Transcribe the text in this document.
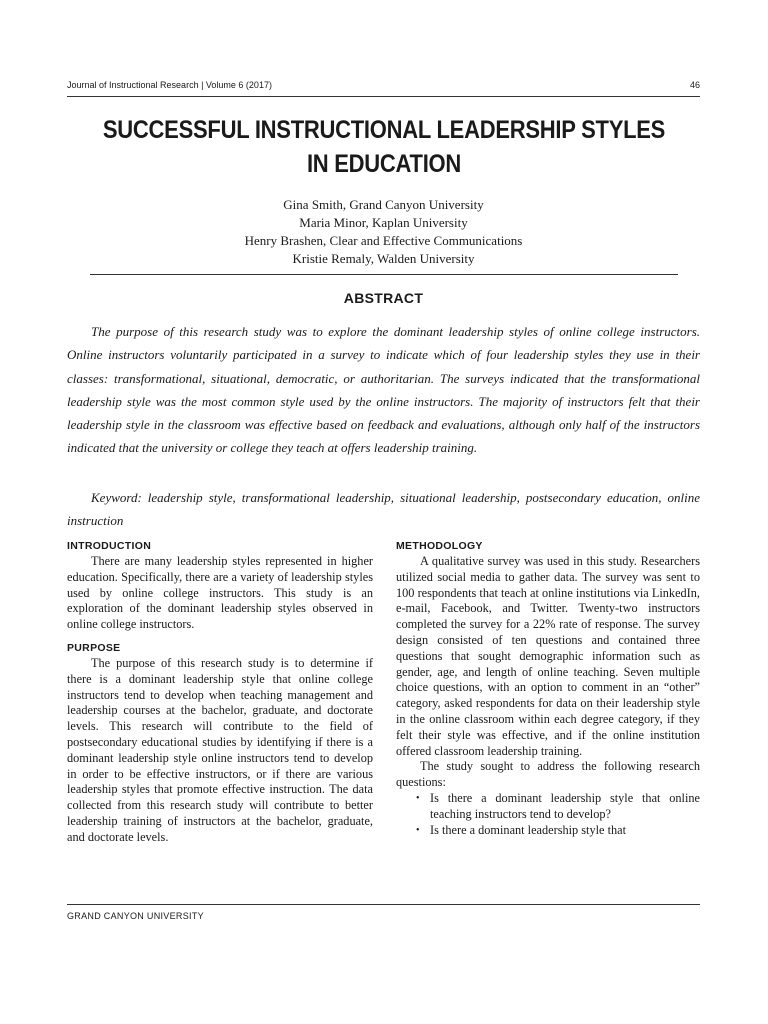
Journal of Instructional Research | Volume 6 (2017)	46
SUCCESSFUL INSTRUCTIONAL LEADERSHIP STYLES
IN EDUCATION
Gina Smith, Grand Canyon University
Maria Minor, Kaplan University
Henry Brashen, Clear and Effective Communications
Kristie Remaly, Walden University
ABSTRACT

The purpose of this research study was to explore the dominant leadership styles of online college instructors. Online instructors voluntarily participated in a survey to indicate which of four leadership styles they use in their classes: transformational, situational, democratic, or authoritarian. The surveys indicated that the transformational leadership style was the most common style used by the online instructors. The majority of instructors felt that their leadership style in the classroom was effective based on feedback and evaluations, although only half of the instructors indicated that the university or college they teach at offers leadership training.

Keyword: leadership style, transformational leadership, situational leadership, postsecondary education, online instruction

INTRODUCTION

There are many leadership styles represented in higher education. Specifically, there are a variety of leadership styles used by online college instructors. This study is an exploration of the dominant leadership styles observed in online college instructors.

PURPOSE

The purpose of this research study is to determine if there is a dominant leadership style that online college instructors tend to develop when teaching management and leadership courses at the bachelor, graduate, and doctorate levels. This research will contribute to the field of postsecondary educational studies by identifying if there is a dominant leadership style online instructors tend to develop in order to be effective instructors, or if there are various leadership styles that promote effective instruction. The data collected from this research study will contribute to better leadership training of instructors at the bachelor, graduate, and doctorate levels.

METHODOLOGY

A qualitative survey was used in this study. Researchers utilized social media to gather data. The survey was sent to 100 respondents that teach at online institutions via LinkedIn, e-mail, Facebook, and Twitter. Twenty-two instructors completed the survey for a 22% rate of response. The survey design consisted of ten questions and contained three questions that sought demographic information such as gender, age, and length of online teaching. Seven multiple choice questions, with an option to comment in an “other” category, asked respondents for data on their leadership style in the online classroom within each degree category, if they felt their style was effective, and if the online institution offered classroom leadership training.

The study sought to address the following research questions:

• Is there a dominant leadership style that online teaching instructors tend to develop?
• Is there a dominant leadership style that
GRAND CANYON UNIVERSITY
